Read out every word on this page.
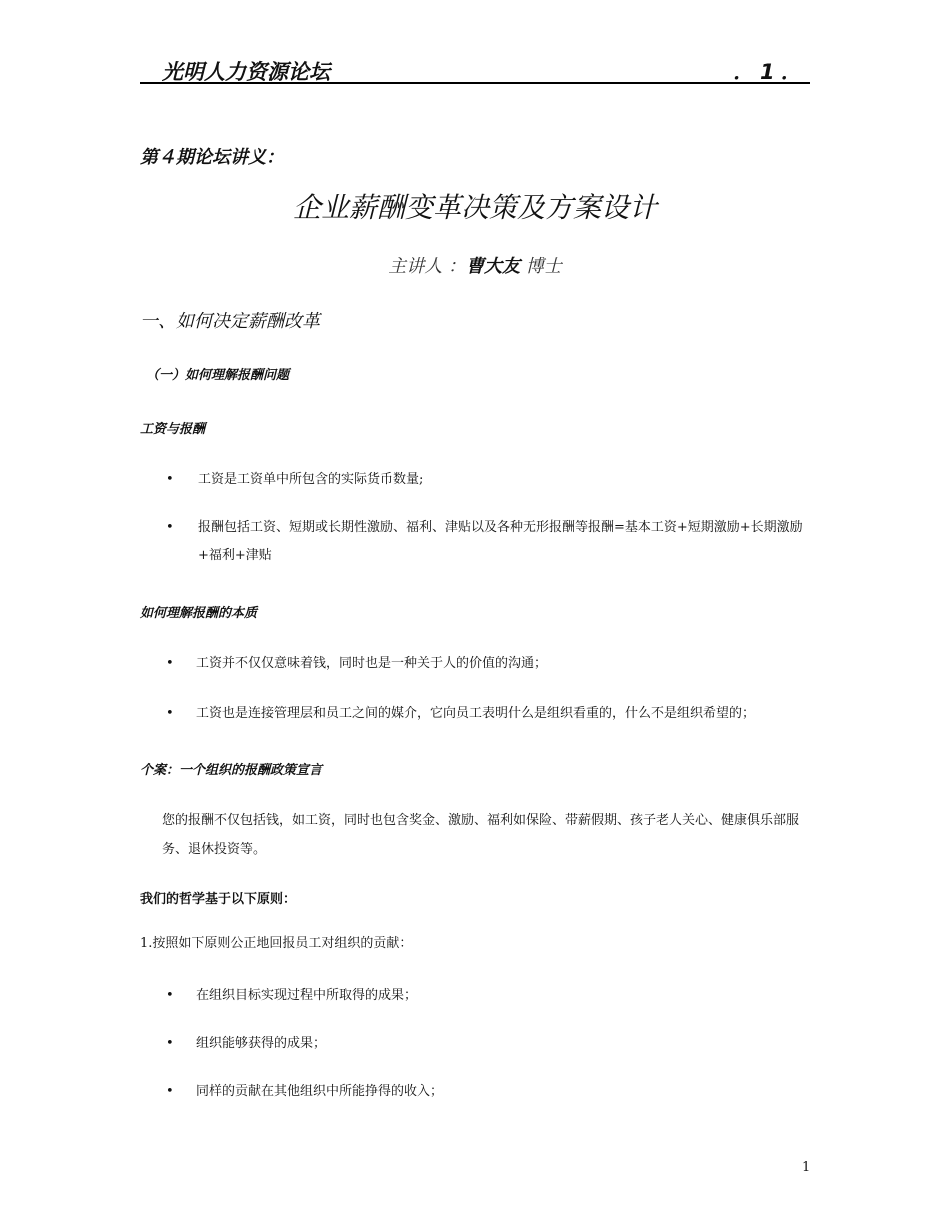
光明人力资源论坛	．1．
第４期论坛讲义：
企业薪酬变革决策及方案设计
主讲人 ：曹大友 博士
一、如何决定薪酬改革
（一）如何理解报酬问题
工资与报酬
• 工资是工资单中所包含的实际货币数量;
• 报酬包括工资、短期或长期性激励、福利、津贴以及各种无形报酬等报酬=基本工资+短期激励+长期激励+福利+津贴
如何理解报酬的本质
• 工资并不仅仅意味着钱，同时也是一种关于人的价值的沟通；
• 工资也是连接管理层和员工之间的媒介，它向员工表明什么是组织看重的，什么不是组织希望的；
个案：一个组织的报酬政策宣言
您的报酬不仅包括钱，如工资，同时也包含奖金、激励、福利如保险、带薪假期、孩子老人关心、健康俱乐部服务、退休投资等。
我们的哲学基于以下原则：
1.按照如下原则公正地回报员工对组织的贡献：
• 在组织目标实现过程中所取得的成果；
• 组织能够获得的成果；
• 同样的贡献在其他组织中所能挣得的收入；
1
